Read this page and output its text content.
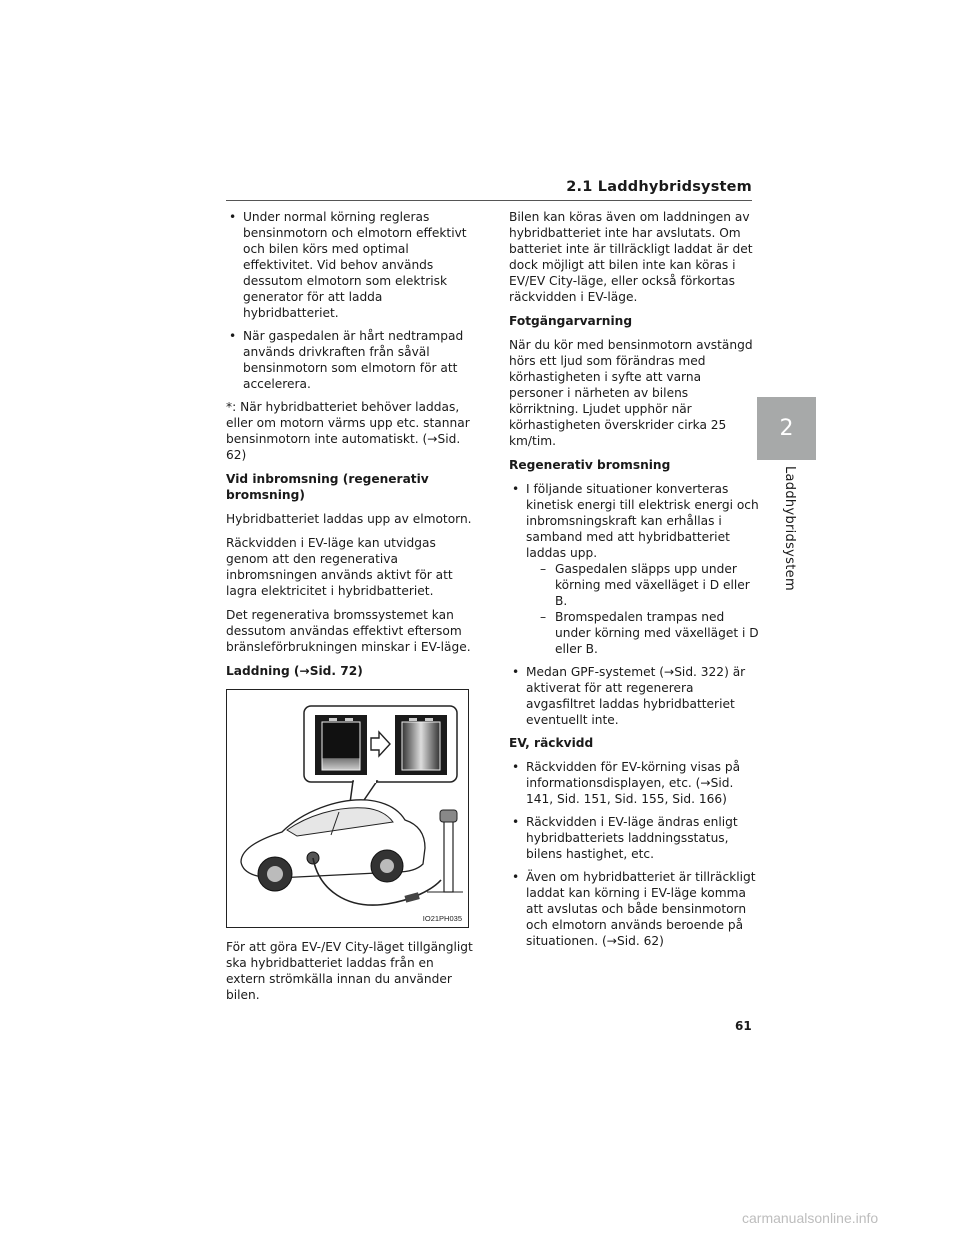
2.1 Laddhybridsystem
2
Laddhybridsystem
• Under normal körning regleras bensinmotorn och elmotorn effektivt och bilen körs med optimal effektivitet. Vid behov används dessutom elmotorn som elektrisk generator för att ladda hybridbatteriet.
• När gaspedalen är hårt nedtrampad används drivkraften från såväl bensinmotorn som elmotorn för att accelerera.

*: När hybridbatteriet behöver laddas, eller om motorn värms upp etc. stannar bensinmotorn inte automatiskt. (→Sid. 62)

Vid inbromsning (regenerativ bromsning)

Hybridbatteriet laddas upp av elmotorn.

Räckvidden i EV-läge kan utvidgas genom att den regenerativa inbromsningen används aktivt för att lagra elektricitet i hybridbatteriet.

Det regenerativa bromssystemet kan dessutom användas effektivt eftersom bränsleförbrukningen minskar i EV-läge.

Laddning (→Sid. 72)

IO21PH035
För att göra EV-/EV City-läget tillgängligt ska hybridbatteriet laddas från en extern strömkälla innan du använder bilen.

Bilen kan köras även om laddningen av hybridbatteriet inte har avslutats. Om batteriet inte är tillräckligt laddat är det dock möjligt att bilen inte kan köras i EV/EV City-läge, eller också förkortas räckvidden i EV-läge.

Fotgängarvarning

När du kör med bensinmotorn avstängd hörs ett ljud som förändras med körhastigheten i syfte att varna personer i närheten av bilens körriktning. Ljudet upphör när körhastigheten överskrider cirka 25 km/tim.

Regenerativ bromsning

• I följande situationer konverteras kinetisk energi till elektrisk energi och inbromsningskraft kan erhållas i samband med att hybridbatteriet laddas upp.
– Gaspedalen släpps upp under körning med växelläget i D eller B.
– Bromspedalen trampas ned under körning med växelläget i D eller B.
• Medan GPF-systemet (→Sid. 322) är aktiverat för att regenerera avgasfiltret laddas hybridbatteriet eventuellt inte.

EV, räckvidd

• Räckvidden för EV-körning visas på informationsdisplayen, etc. (→Sid. 141, Sid. 151, Sid. 155, Sid. 166)
• Räckvidden i EV-läge ändras enligt hybridbatteriets laddningsstatus, bilens hastighet, etc.
• Även om hybridbatteriet är tillräckligt laddat kan körning i EV-läge komma att avslutas och både bensinmotorn och elmotorn används beroende på situationen. (→Sid. 62)
61
carmanualsonline.info
